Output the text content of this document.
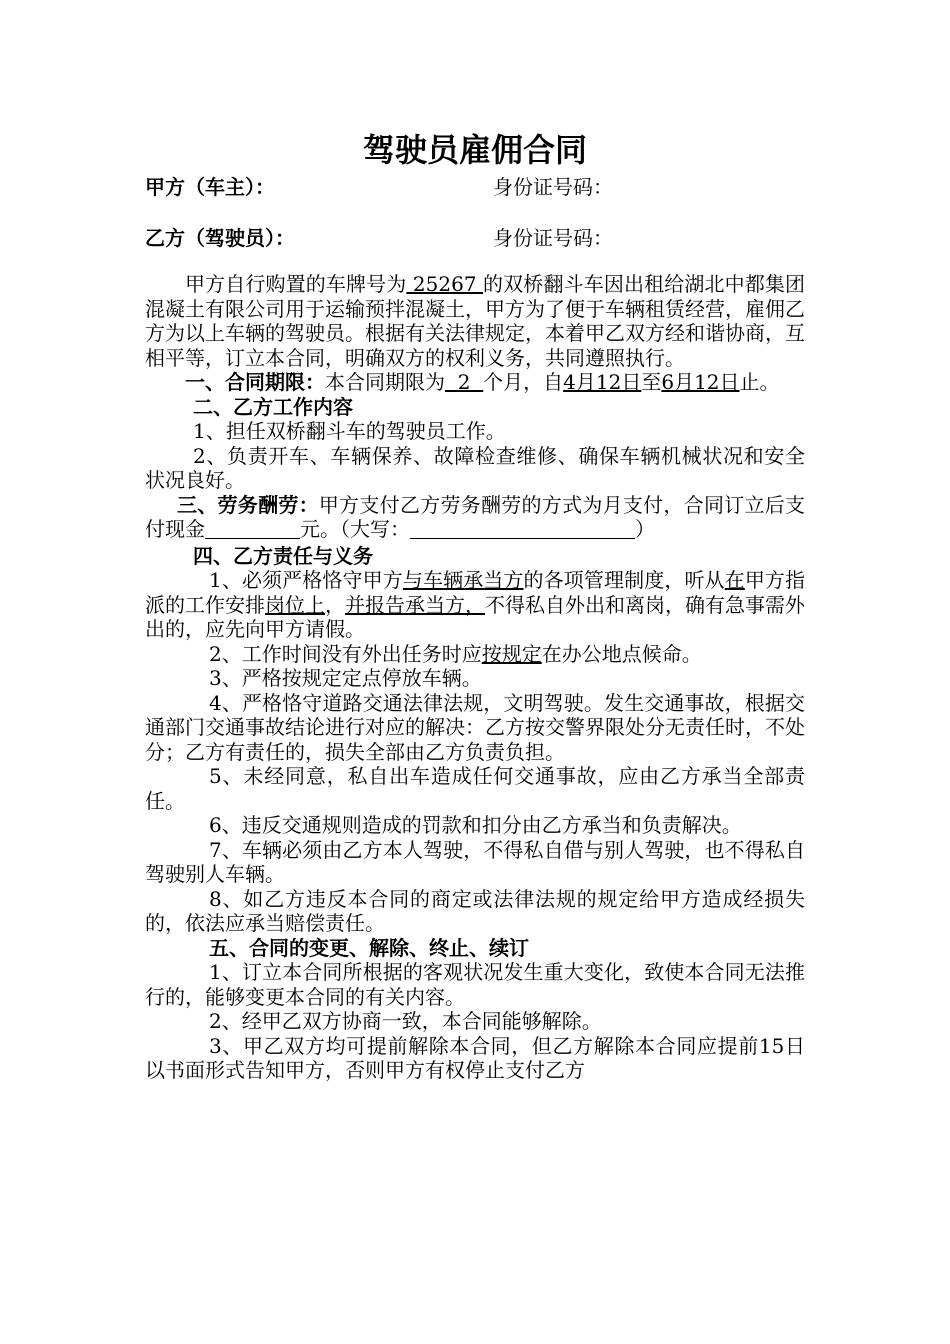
驾驶员雇佣合同
甲方（车主）：	身份证号码：
乙方（驾驶员）：	身份证号码：

甲方自行购置的车牌号为 25267 的双桥翻斗车因出租给湖北中都集团混凝土有限公司用于运输预拌混凝土，甲方为了便于车辆租赁经营，雇佣乙方为以上车辆的驾驶员。根据有关法律规定，本着甲乙双方经和谐协商，互相平等，订立本合同，明确双方的权利义务，共同遵照执行。

一、合同期限：本合同期限为  2  个月，自4月12日至6月12日止。

二、乙方工作内容

1、担任双桥翻斗车的驾驶员工作。

2、负责开车、车辆保养、故障检查维修、确保车辆机械状况和安全状况良好。

三、劳务酬劳：甲方支付乙方劳务酬劳的方式为月支付，合同订立后支付现金	元。（大写：	）

四、乙方责任与义务

1、必须严格恪守甲方与车辆承当方的各项管理制度，听从在甲方指派的工作安排岗位上，并报告承当方，不得私自外出和离岗，确有急事需外出的，应先向甲方请假。

2、工作时间没有外出任务时应按规定在办公地点候命。

3、严格按规定定点停放车辆。

4、严格恪守道路交通法律法规，文明驾驶。发生交通事故，根据交通部门交通事故结论进行对应的解决：乙方按交警界限处分无责任时，不处分；乙方有责任的，损失全部由乙方负责负担。

5、未经同意，私自出车造成任何交通事故，应由乙方承当全部责任。

6、违反交通规则造成的罚款和扣分由乙方承当和负责解决。

7、车辆必须由乙方本人驾驶，不得私自借与别人驾驶，也不得私自驾驶别人车辆。

8、如乙方违反本合同的商定或法律法规的规定给甲方造成经损失的，依法应承当赔偿责任。

五、合同的变更、解除、终止、续订

1、订立本合同所根据的客观状况发生重大变化，致使本合同无法推行的，能够变更本合同的有关内容。

2、经甲乙双方协商一致，本合同能够解除。

3、甲乙双方均可提前解除本合同，但乙方解除本合同应提前15日以书面形式告知甲方，否则甲方有权停止支付乙方
